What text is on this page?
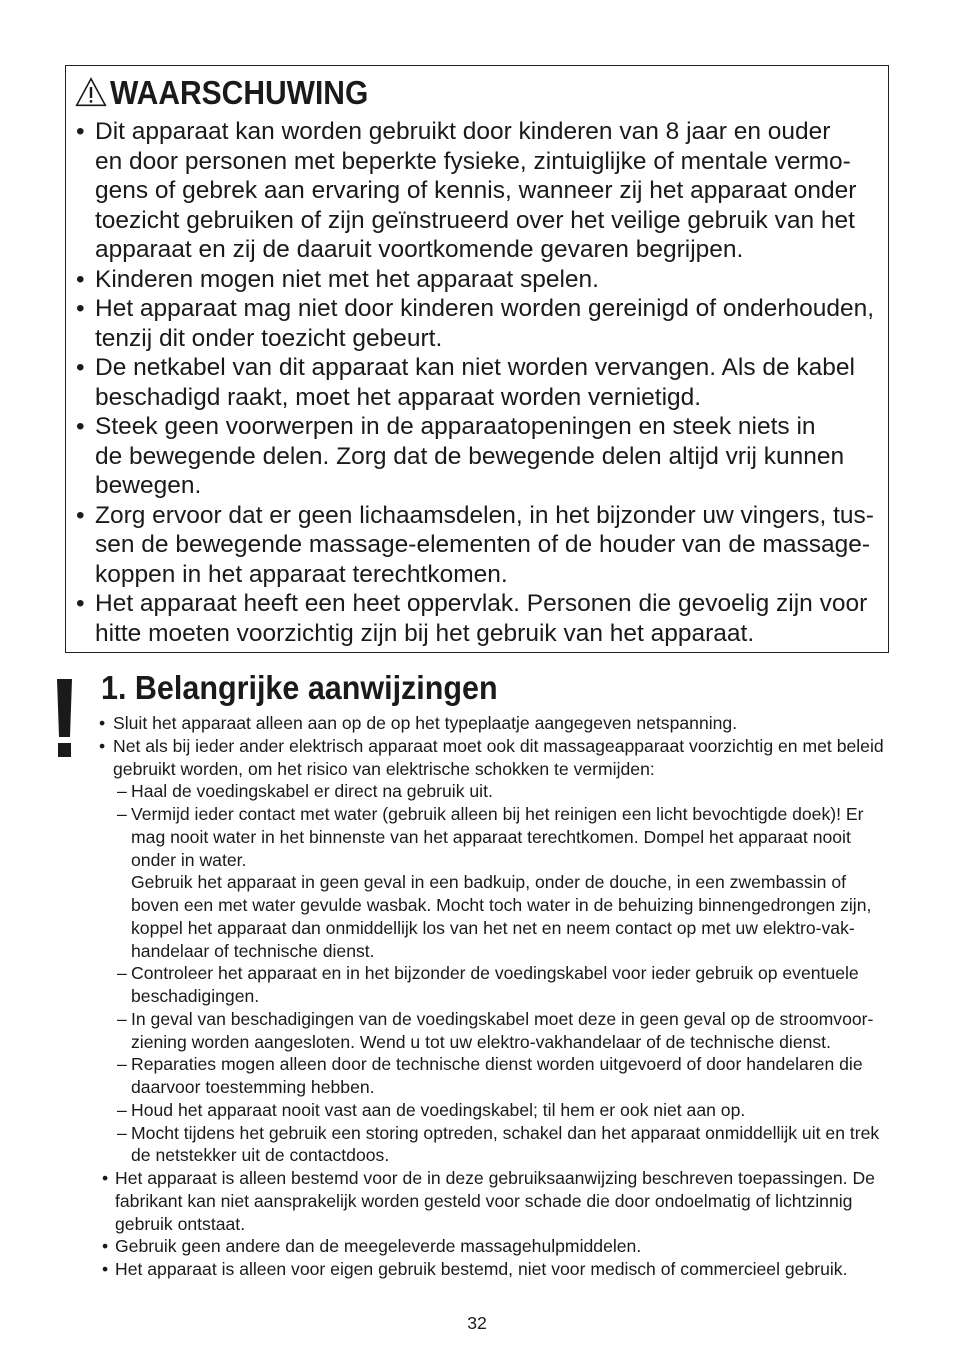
WAARSCHUWING
• Dit apparaat kan worden gebruikt door kinderen van 8 jaar en ouder
en door personen met beperkte fysieke, zintuiglijke of mentale vermo-
gens of gebrek aan ervaring of kennis, wanneer zij het apparaat onder
toezicht gebruiken of zijn geïnstrueerd over het veilige gebruik van het
apparaat en zij de daaruit voortkomende gevaren begrijpen.
• Kinderen mogen niet met het apparaat spelen.
• Het apparaat mag niet door kinderen worden gereinigd of onderhouden,
tenzij dit onder toezicht gebeurt.
• De netkabel van dit apparaat kan niet worden vervangen. Als de kabel
beschadigd raakt, moet het apparaat worden vernietigd.
• Steek geen voorwerpen in de apparaatopeningen en steek niets in
de bewegende delen. Zorg dat de bewegende delen altijd vrij kunnen
bewegen.
• Zorg ervoor dat er geen lichaamsdelen, in het bijzonder uw vingers, tus-
sen de bewegende massage-elementen of de houder van de massage-
koppen in het apparaat terechtkomen.
• Het apparaat heeft een heet oppervlak. Personen die gevoelig zijn voor
hitte moeten voorzichtig zijn bij het gebruik van het apparaat.
1. Belangrijke aanwijzingen
• Sluit het apparaat alleen aan op de op het typeplaatje aangegeven netspanning.
• Net als bij ieder ander elektrisch apparaat moet ook dit massageapparaat voorzichtig en met beleid
gebruikt worden, om het risico van elektrische schokken te vermijden:
– Haal de voedingskabel er direct na gebruik uit.
– Vermijd ieder contact met water (gebruik alleen bij het reinigen een licht bevochtigde doek)! Er
mag nooit water in het binnenste van het apparaat terechtkomen. Dompel het apparaat nooit
onder in water.
Gebruik het apparaat in geen geval in een badkuip, onder de douche, in een zwembassin of
boven een met water gevulde wasbak. Mocht toch water in de behuizing binnengedrongen zijn,
koppel het apparaat dan onmiddellijk los van het net en neem contact op met uw elektro-vak-
handelaar of technische dienst.
– Controleer het apparaat en in het bijzonder de voedingskabel voor ieder gebruik op eventuele
beschadigingen.
– In geval van beschadigingen van de voedingskabel moet deze in geen geval op de stroomvoor-
ziening worden aangesloten. Wend u tot uw elektro-vakhandelaar of de technische dienst.
– Reparaties mogen alleen door de technische dienst worden uitgevoerd of door handelaren die
daarvoor toestemming hebben.
– Houd het apparaat nooit vast aan de voedingskabel; til hem er ook niet aan op.
– Mocht tijdens het gebruik een storing optreden, schakel dan het apparaat onmiddellijk uit en trek
de netstekker uit de contactdoos.
• Het apparaat is alleen bestemd voor de in deze gebruiksaanwijzing beschreven toepassingen. De
fabrikant kan niet aansprakelijk worden gesteld voor schade die door ondoelmatig of lichtzinnig
gebruik ontstaat.
• Gebruik geen andere dan de meegeleverde massagehulpmiddelen.
• Het apparaat is alleen voor eigen gebruik bestemd, niet voor medisch of commercieel gebruik.
32
